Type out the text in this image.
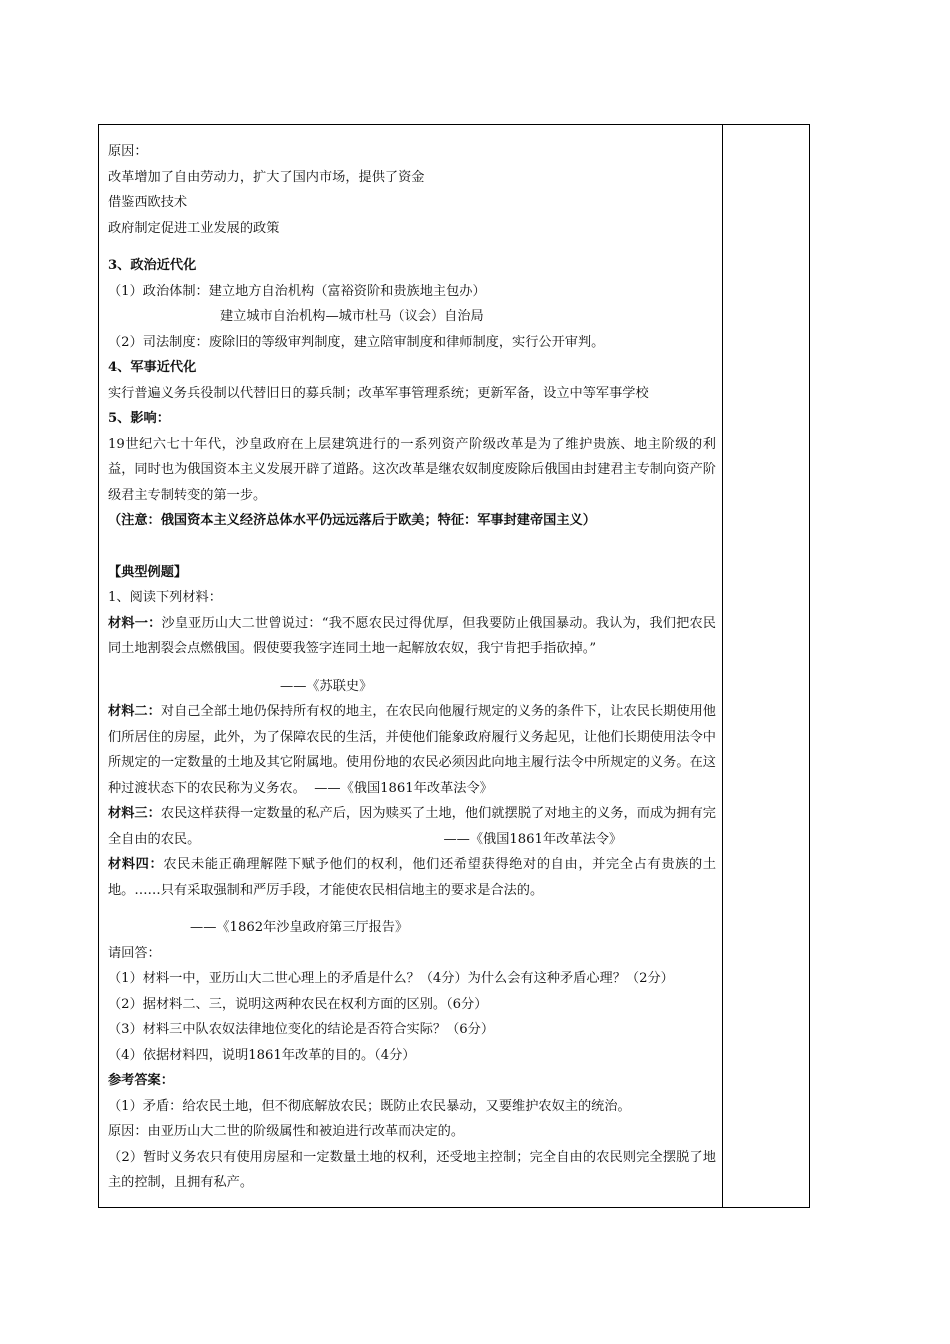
原因：

改革增加了自由劳动力，扩大了国内市场，提供了资金

借鉴西欧技术

政府制定促进工业发展的政策

3、政治近代化

（1）政治体制：建立地方自治机构（富裕资阶和贵族地主包办）

建立城市自治机构—城市杜马（议会）自治局

（2）司法制度：废除旧的等级审判制度，建立陪审制度和律师制度，实行公开审判。

4、军事近代化

实行普遍义务兵役制以代替旧日的募兵制；改革军事管理系统；更新军备，设立中等军事学校

5、影响：

19世纪六七十年代，沙皇政府在上层建筑进行的一系列资产阶级改革是为了维护贵族、地主阶级的利益，同时也为俄国资本主义发展开辟了道路。这次改革是继农奴制度废除后俄国由封建君主专制向资产阶级君主专制转变的第一步。

（注意：俄国资本主义经济总体水平仍远远落后于欧美；特征：军事封建帝国主义）

【典型例题】

1、阅读下列材料：

材料一：沙皇亚历山大二世曾说过：“我不愿农民过得优厚，但我要防止俄国暴动。我认为，我们把农民同土地割裂会点燃俄国。假使要我签字连同土地一起解放农奴，我宁肯把手指砍掉。”

——《苏联史》

材料二：对自己全部土地仍保持所有权的地主，在农民向他履行规定的义务的条件下，让农民长期使用他们所居住的房屋，此外，为了保障农民的生活，并使他们能象政府履行义务起见，让他们长期使用法令中所规定的一定数量的土地及其它附属地。使用份地的农民必须因此向地主履行法令中所规定的义务。在这种过渡状态下的农民称为义务农。 ——《俄国1861年改革法令》

材料三：农民这样获得一定数量的私产后，因为赎买了土地，他们就摆脱了对地主的义务，而成为拥有完全自由的农民。	——《俄国1861年改革法令》

材料四：农民未能正确理解陛下赋予他们的权利，他们还希望获得绝对的自由，并完全占有贵族的土地。……只有采取强制和严厉手段，才能使农民相信地主的要求是合法的。

——《1862年沙皇政府第三厅报告》

请回答：

（1）材料一中，亚历山大二世心理上的矛盾是什么？（4分）为什么会有这种矛盾心理？（2分）

（2）据材料二、三，说明这两种农民在权利方面的区别。（6分）

（3）材料三中队农奴法律地位变化的结论是否符合实际？（6分）

（4）依据材料四，说明1861年改革的目的。（4分）

参考答案：

（1）矛盾：给农民土地，但不彻底解放农民；既防止农民暴动，又要维护农奴主的统治。

原因：由亚历山大二世的阶级属性和被迫进行改革而决定的。

（2）暂时义务农只有使用房屋和一定数量土地的权利，还受地主控制；完全自由的农民则完全摆脱了地主的控制，且拥有私产。
